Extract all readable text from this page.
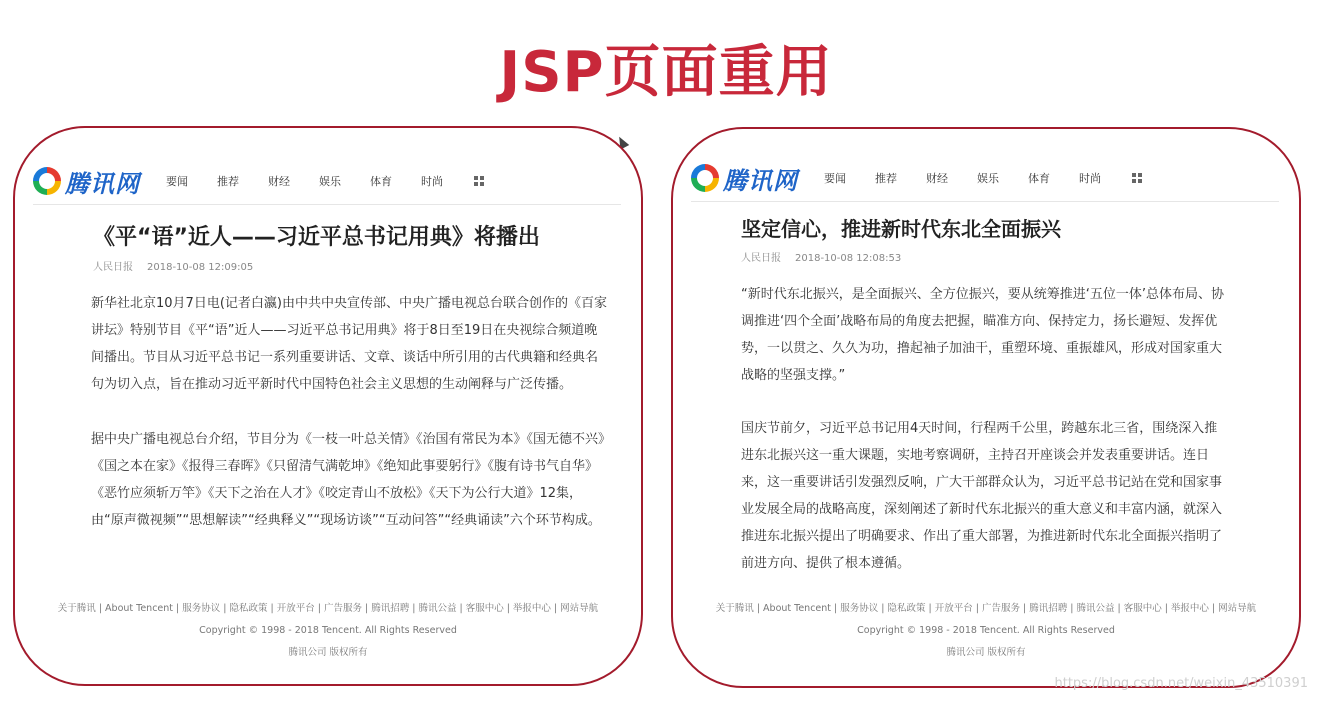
JSP页面重用
腾讯网 要闻	推荐	财经	娱乐	体育	时尚
《平“语”近人——习近平总书记用典》将播出
人民日报 2018-10-08 12:09:05

新华社北京10月7日电(记者白瀛)由中共中央宣传部、中央广播电视总台联合创作的《百家讲坛》特别节目《平“语”近人——习近平总书记用典》将于8日至19日在央视综合频道晚间播出。节目从习近平总书记一系列重要讲话、文章、谈话中所引用的古代典籍和经典名句为切入点，旨在推动习近平新时代中国特色社会主义思想的生动阐释与广泛传播。

据中央广播电视总台介绍，节目分为《一枝一叶总关情》《治国有常民为本》《国无德不兴》《国之本在家》《报得三春晖》《只留清气满乾坤》《绝知此事要躬行》《腹有诗书气自华》《恶竹应须斩万竿》《天下之治在人才》《咬定青山不放松》《天下为公行大道》12集，由“原声微视频”“思想解读”“经典释义”“现场访谈”“互动问答”“经典诵读”六个环节构成。

关于腾讯 | About Tencent | 服务协议 | 隐私政策 | 开放平台 | 广告服务 | 腾讯招聘 | 腾讯公益 | 客服中心 | 举报中心 | 网站导航
Copyright © 1998 - 2018 Tencent. All Rights Reserved
腾讯公司 版权所有
腾讯网 要闻	推荐	财经	娱乐	体育	时尚
坚定信心，推进新时代东北全面振兴
人民日报 2018-10-08 12:08:53

“新时代东北振兴，是全面振兴、全方位振兴，要从统筹推进‘五位一体’总体布局、协调推进‘四个全面’战略布局的角度去把握，瞄准方向、保持定力，扬长避短、发挥优势，一以贯之、久久为功，撸起袖子加油干，重塑环境、重振雄风，形成对国家重大战略的坚强支撑。”

国庆节前夕，习近平总书记用4天时间，行程两千公里，跨越东北三省，围绕深入推进东北振兴这一重大课题，实地考察调研，主持召开座谈会并发表重要讲话。连日来，这一重要讲话引发强烈反响，广大干部群众认为，习近平总书记站在党和国家事业发展全局的战略高度，深刻阐述了新时代东北振兴的重大意义和丰富内涵，就深入推进东北振兴提出了明确要求、作出了重大部署，为推进新时代东北全面振兴指明了前进方向、提供了根本遵循。

关于腾讯 | About Tencent | 服务协议 | 隐私政策 | 开放平台 | 广告服务 | 腾讯招聘 | 腾讯公益 | 客服中心 | 举报中心 | 网站导航
Copyright © 1998 - 2018 Tencent. All Rights Reserved
腾讯公司 版权所有
https://blog.csdn.net/weixin_43510391
